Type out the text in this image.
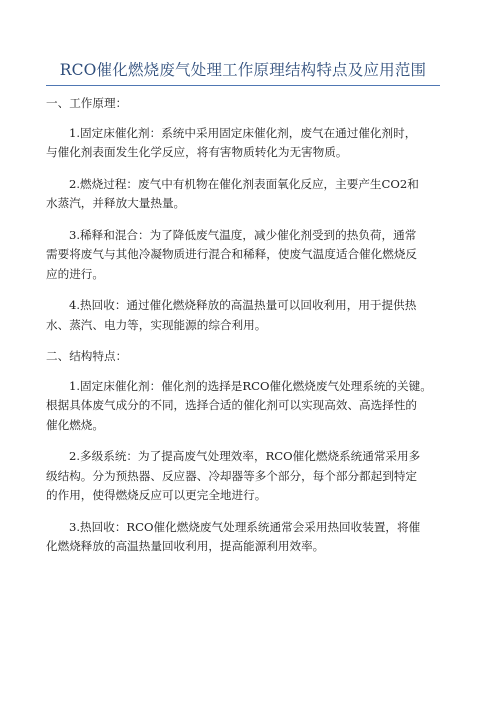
RCO催化燃烧废气处理工作原理结构特点及应用范围
一、工作原理：
1.固定床催化剂：系统中采用固定床催化剂，废气在通过催化剂时，
与催化剂表面发生化学反应，将有害物质转化为无害物质。
2.燃烧过程：废气中有机物在催化剂表面氧化反应，主要产生CO2和
水蒸汽，并释放大量热量。
3.稀释和混合：为了降低废气温度，减少催化剂受到的热负荷，通常
需要将废气与其他冷凝物质进行混合和稀释，使废气温度适合催化燃烧反
应的进行。
4.热回收：通过催化燃烧释放的高温热量可以回收利用，用于提供热
水、蒸汽、电力等，实现能源的综合利用。
二、结构特点：
1.固定床催化剂：催化剂的选择是RCO催化燃烧废气处理系统的关键。
根据具体废气成分的不同，选择合适的催化剂可以实现高效、高选择性的
催化燃烧。
2.多级系统：为了提高废气处理效率，RCO催化燃烧系统通常采用多
级结构。分为预热器、反应器、冷却器等多个部分，每个部分都起到特定
的作用，使得燃烧反应可以更完全地进行。
3.热回收：RCO催化燃烧废气处理系统通常会采用热回收装置，将催
化燃烧释放的高温热量回收利用，提高能源利用效率。
